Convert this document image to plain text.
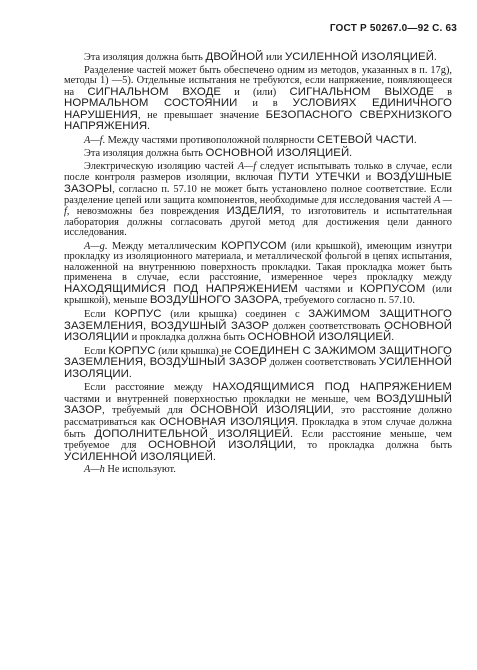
ГОСТ Р 50267.0—92 С. 63

Эта изоляция должна быть ДВОЙНОЙ или УСИЛЕННОЙ ИЗОЛЯЦИЕЙ.

Разделение частей может быть обеспечено одним из методов, указанных в п. 17g), методы 1) —5). Отдельные испытания не требуются, если напряжение, появляющееся на СИГНАЛЬНОМ ВХОДЕ и (или) СИГНАЛЬНОМ ВЫХОДЕ в НОРМАЛЬНОМ СОСТОЯНИИ и в УСЛОВИЯХ ЕДИНИЧНОГО НАРУШЕНИЯ, не превышает значение БЕЗОПАСНОГО СВЕРХНИЗКОГО НАПРЯЖЕНИЯ.

A—f. Между частями противоположной полярности СЕТЕВОЙ ЧАСТИ.

Эта изоляция должна быть ОСНОВНОЙ ИЗОЛЯЦИЕЙ.

Электрическую изоляцию частей A—f следует испытывать только в случае, если после контроля размеров изоляции, включая ПУТИ УТЕЧКИ и ВОЗДУШНЫЕ ЗАЗОРЫ, согласно п. 57.10 не может быть установлено полное соответствие. Если разделение цепей или защита компонентов, необходимые для исследования частей A —f, невозможны без повреждения ИЗДЕЛИЯ, то изготовитель и испытательная лаборатория должны согласовать другой метод для достижения цели данного исследования.

A—g. Между металлическим КОРПУСОМ (или крышкой), имеющим изнутри прокладку из изоляционного материала, и металлической фольгой в цепях испытания, наложенной на внутреннюю поверхность прокладки. Такая прокладка может быть применена в случае, если расстояние, измеренное через прокладку между НАХОДЯЩИМИСЯ ПОД НАПРЯЖЕНИЕМ частями и КОРПУСОМ (или крышкой), меньше ВОЗДУШНОГО ЗАЗОРА, требуемого согласно п. 57.10.

Если КОРПУС (или крышка) соединен с ЗАЖИМОМ ЗАЩИТНОГО ЗАЗЕМЛЕНИЯ, ВОЗДУШНЫЙ ЗАЗОР должен соответствовать ОСНОВНОЙ ИЗОЛЯЦИИ и прокладка должна быть ОСНОВНОЙ ИЗОЛЯЦИЕЙ.

Если КОРПУС (или крышка) не СОЕДИНЕН С ЗАЖИМОМ ЗАЩИТНОГО ЗАЗЕМЛЕНИЯ, ВОЗДУШНЫЙ ЗАЗОР должен соответствовать УСИЛЕННОЙ ИЗОЛЯЦИИ.

Если расстояние между НАХОДЯЩИМИСЯ ПОД НАПРЯЖЕНИЕМ частями и внутренней поверхностью прокладки не меньше, чем ВОЗДУШНЫЙ ЗАЗОР, требуемый для ОСНОВНОЙ ИЗОЛЯЦИИ, это расстояние должно рассматриваться как ОСНОВНАЯ ИЗОЛЯЦИЯ. Прокладка в этом случае должна быть ДОПОЛНИТЕЛЬНОЙ ИЗОЛЯЦИЕЙ. Если расстояние меньше, чем требуемое для ОСНОВНОЙ ИЗОЛЯЦИИ, то прокладка должна быть УСИЛЕННОЙ ИЗОЛЯЦИЕЙ.

A—h Не используют.
